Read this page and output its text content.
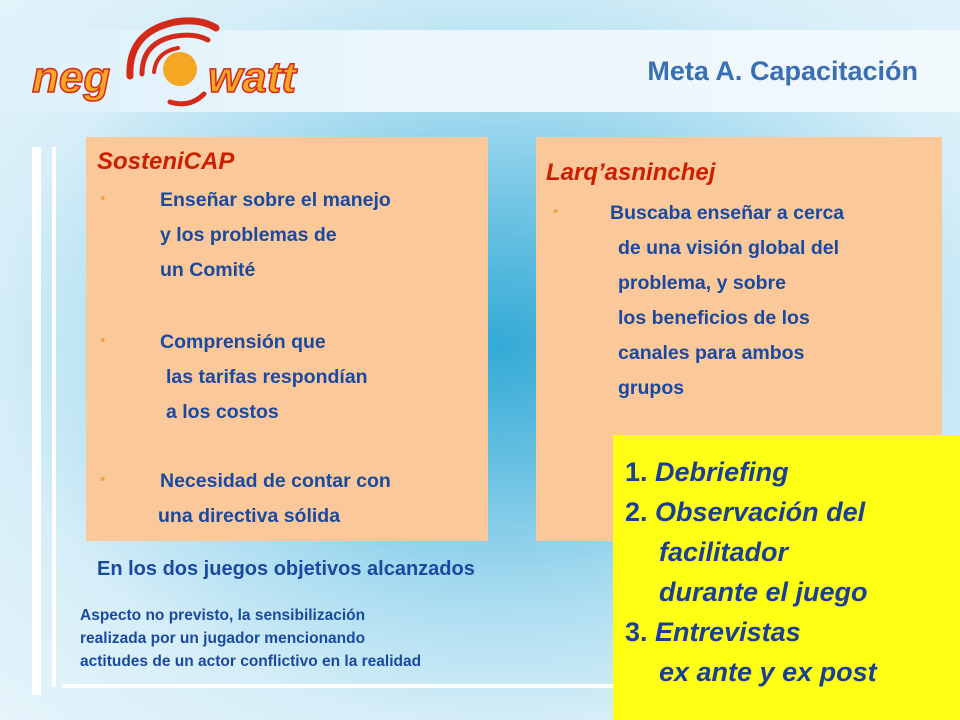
neg watt	Meta A. Capacitación
SosteniCAP
•	Enseñar sobre el manejo
y los problemas de
un Comité
•	Comprensión que
las tarifas respondían
a los costos
•	Necesidad de contar con
una directiva sólida
Larq’asninchej
•	Buscaba enseñar a cerca
de una visión global del
problema, y sobre
los beneficios de los
canales para ambos
grupos
1. Debriefing
2. Observación del
facilitador
durante el juego
3. Entrevistas
ex ante y ex post
En los dos juegos objetivos alcanzados
Aspecto no previsto, la sensibilización
realizada por un jugador mencionando
actitudes de un actor conflictivo en la realidad
